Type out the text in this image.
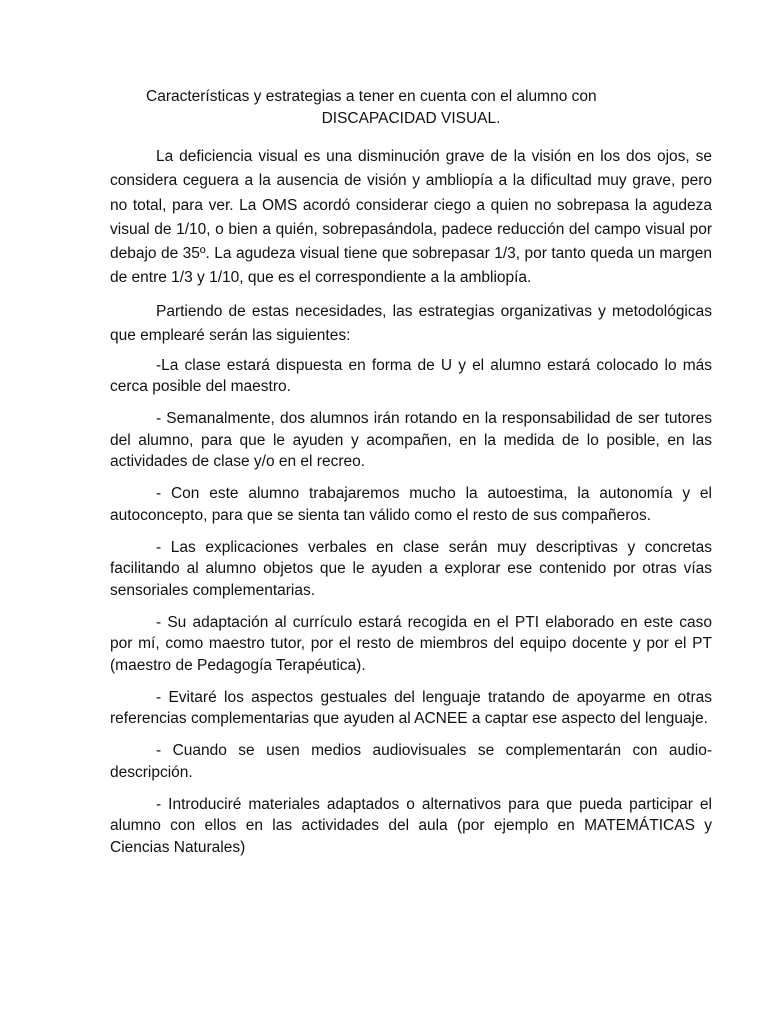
Características y estrategias a tener en cuenta con el alumno con
DISCAPACIDAD VISUAL.

La deficiencia visual es una disminución grave de la visión en los dos ojos, se considera ceguera a la ausencia de visión y ambliopía a la dificultad muy grave, pero no total, para ver. La OMS acordó considerar ciego a quien no sobrepasa la agudeza visual de 1/10, o bien a quién, sobrepasándola, padece reducción del campo visual por debajo de 35º. La agudeza visual tiene que sobrepasar 1/3, por tanto queda un margen de entre 1/3 y 1/10, que es el correspondiente a la ambliopía.

Partiendo de estas necesidades, las estrategias organizativas y metodológicas que emplearé serán las siguientes:

-La clase estará dispuesta en forma de U y el alumno estará colocado lo más cerca posible del maestro.

- Semanalmente, dos alumnos irán rotando en la responsabilidad de ser tutores del alumno, para que le ayuden y acompañen, en la medida de lo posible, en las actividades de clase y/o en el recreo.

- Con este alumno trabajaremos mucho la autoestima, la autonomía y el autoconcepto, para que se sienta tan válido como el resto de sus compañeros.

- Las explicaciones verbales en clase serán muy descriptivas y concretas facilitando al alumno objetos que le ayuden a explorar ese contenido por otras vías sensoriales complementarias.

- Su adaptación al currículo estará recogida en el PTI elaborado en este caso por mí, como maestro tutor, por el resto de miembros del equipo docente y por el PT (maestro de Pedagogía Terapéutica).

- Evitaré los aspectos gestuales del lenguaje tratando de apoyarme en otras referencias complementarias que ayuden al ACNEE a captar ese aspecto del lenguaje.

- Cuando se usen medios audiovisuales se complementarán con audio-descripción.

- Introduciré materiales adaptados o alternativos para que pueda participar el alumno con ellos en las actividades del aula (por ejemplo en MATEMÁTICAS y Ciencias Naturales)
